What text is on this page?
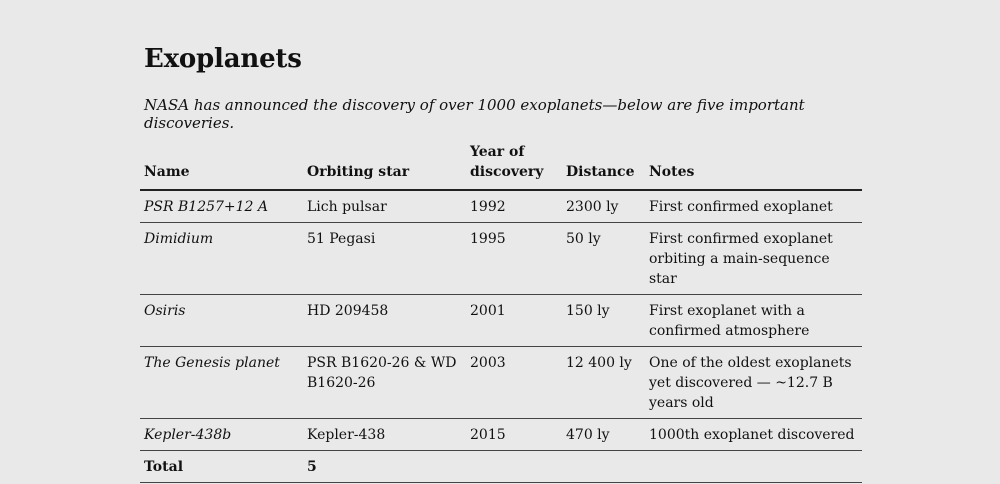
Exoplanets

NASA has announced the discovery of over 1000 exoplanets—below are five important discoveries.

Name	Orbiting star	Year of discovery	Distance	Notes
PSR B1257+12 A	Lich pulsar	1992	2300 ly	First confirmed exoplanet
Dimidium	51 Pegasi	1995	50 ly	First confirmed exoplanet orbiting a main-sequence star
Osiris	HD 209458	2001	150 ly	First exoplanet with a confirmed atmosphere
The Genesis planet	PSR B1620-26 & WD B1620-26	2003	12 400 ly	One of the oldest exoplanets yet discovered — ~12.7 B years old
Kepler-438b	Kepler-438	2015	470 ly	1000th exoplanet discovered
Total	5			
